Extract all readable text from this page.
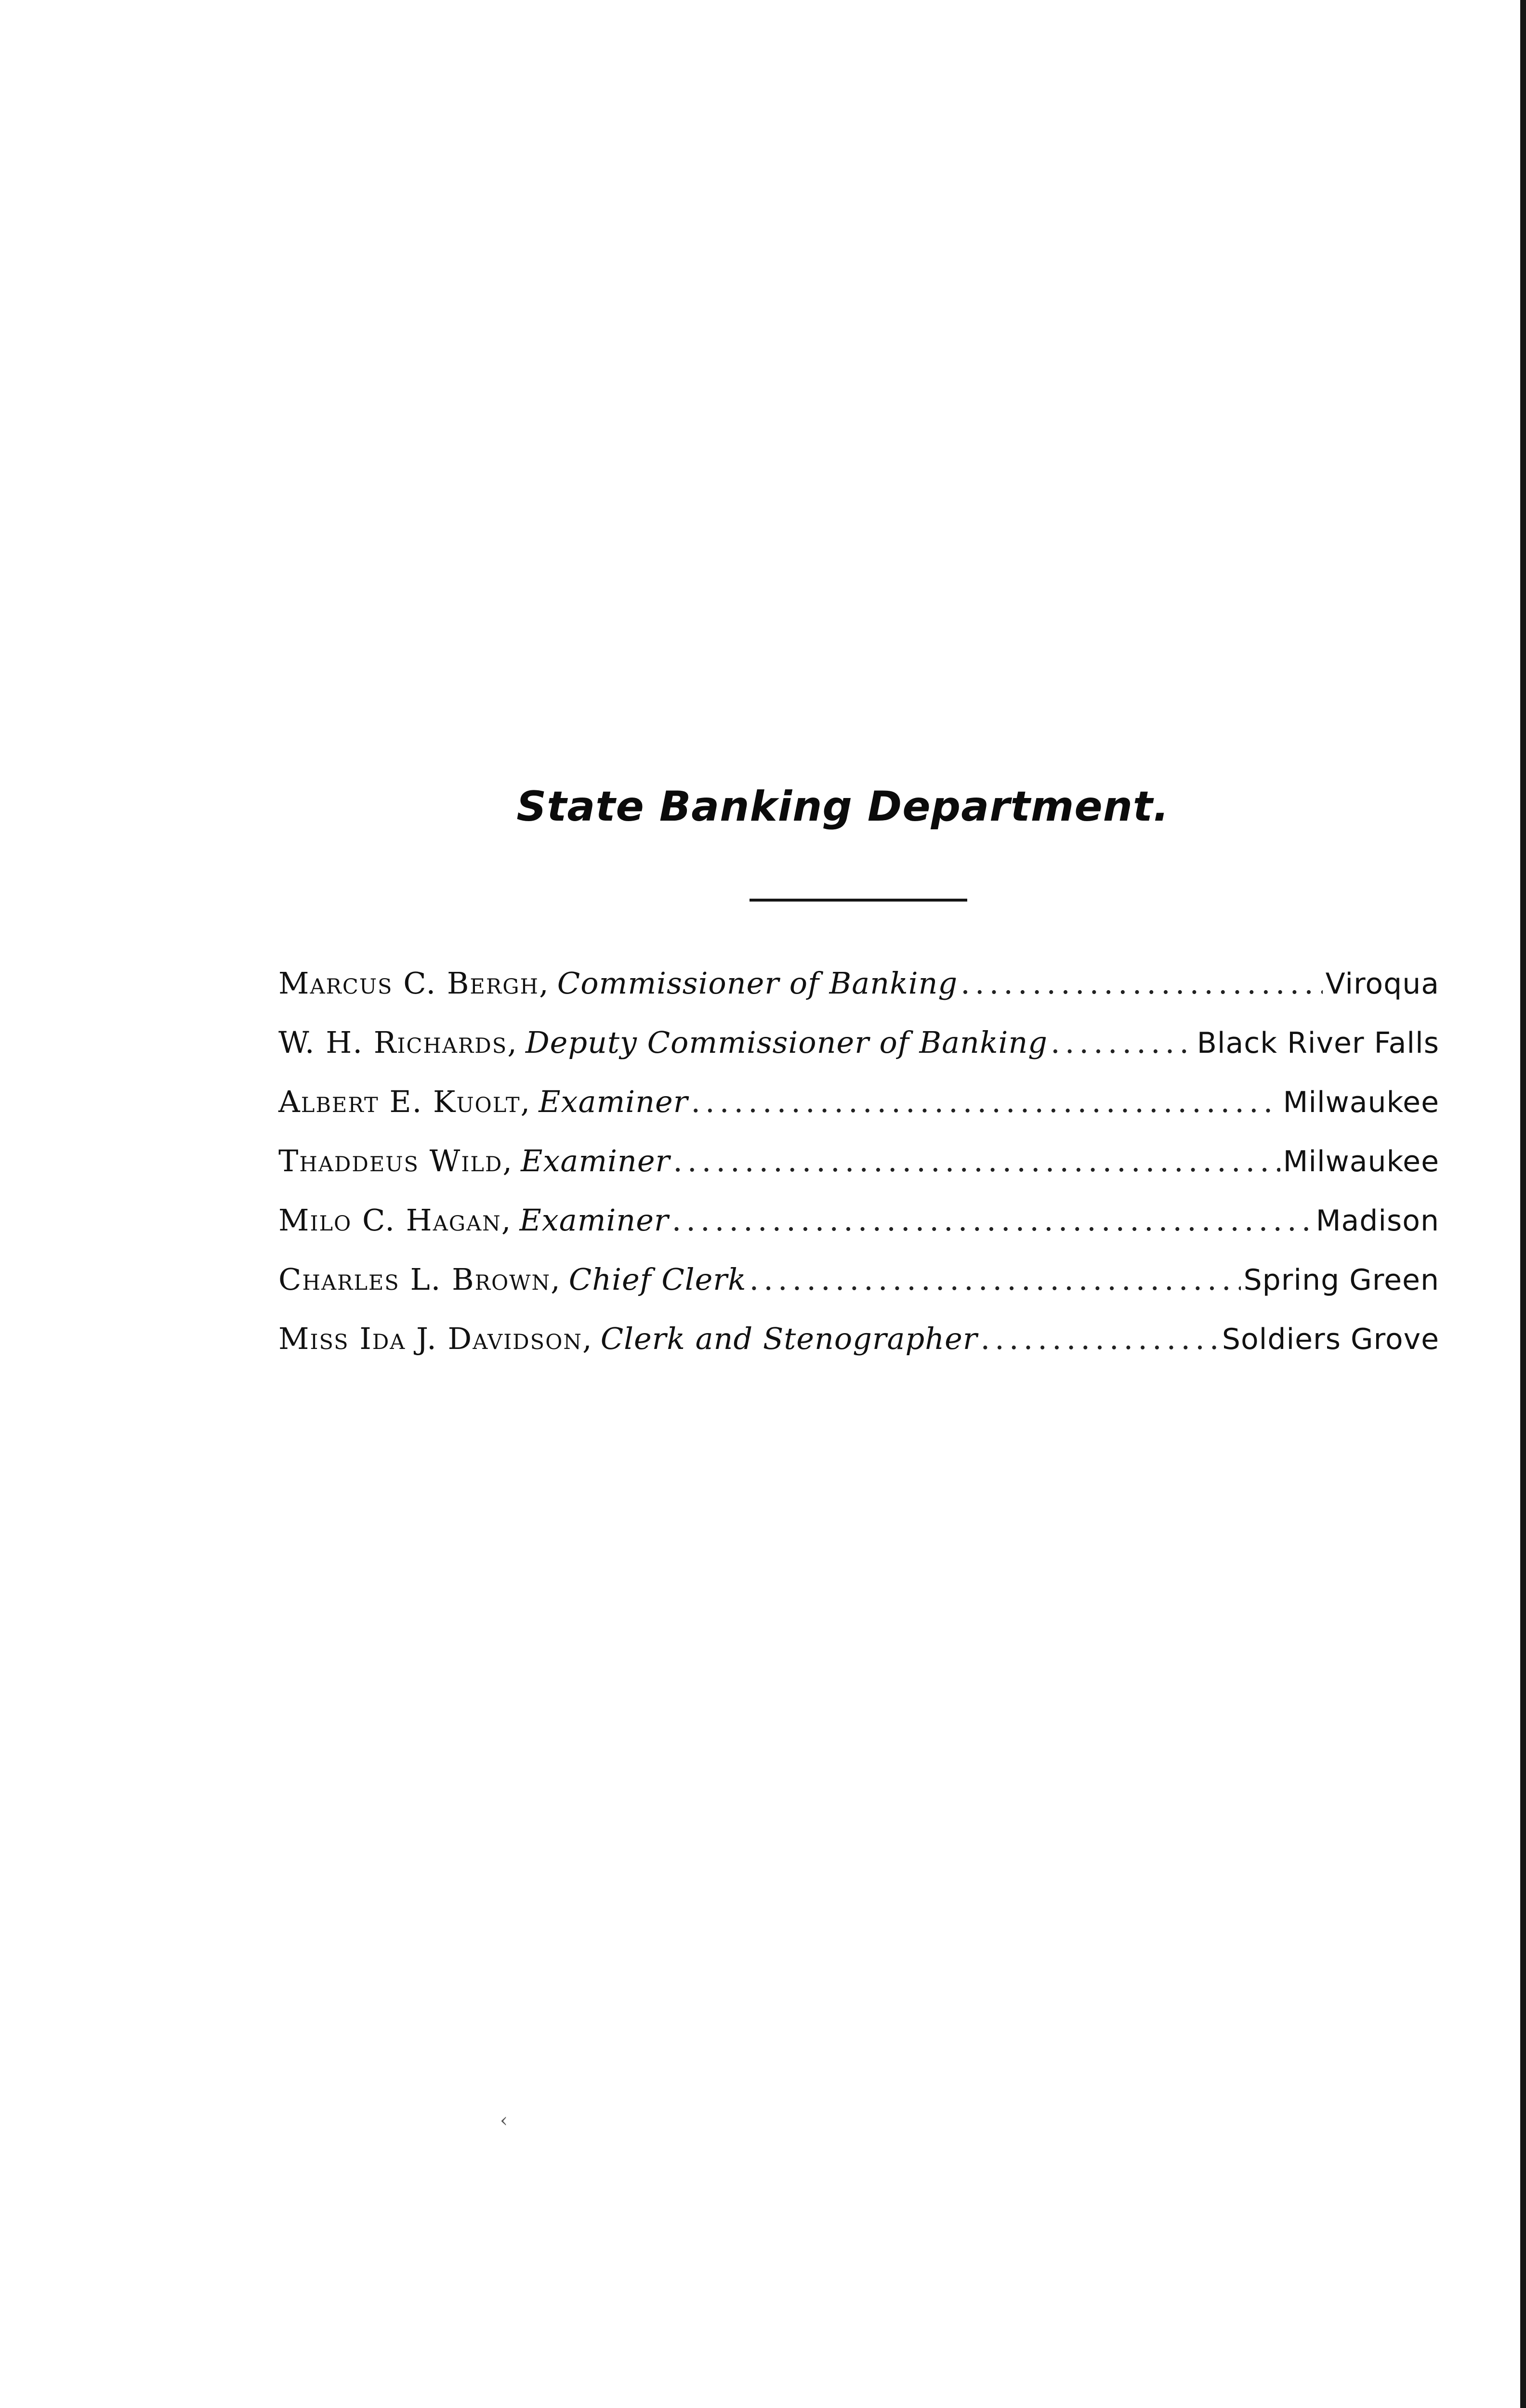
State Banking Department.
Marcus C. Bergh , Commissioner of Banking .....	Viroqua
W. H. Richards , Deputy Commissioner of Banking .....	Black River Falls
Albert E. Kuolt , Examiner .....	Milwaukee
Thaddeus Wild , Examiner .....	Milwaukee
Milo C. Hagan , Examiner .....	Madison
Charles L. Brown , Chief Clerk .....	Spring Green
Miss Ida J. Davidson , Clerk and Stenographer .....	Soldiers Grove
‹
